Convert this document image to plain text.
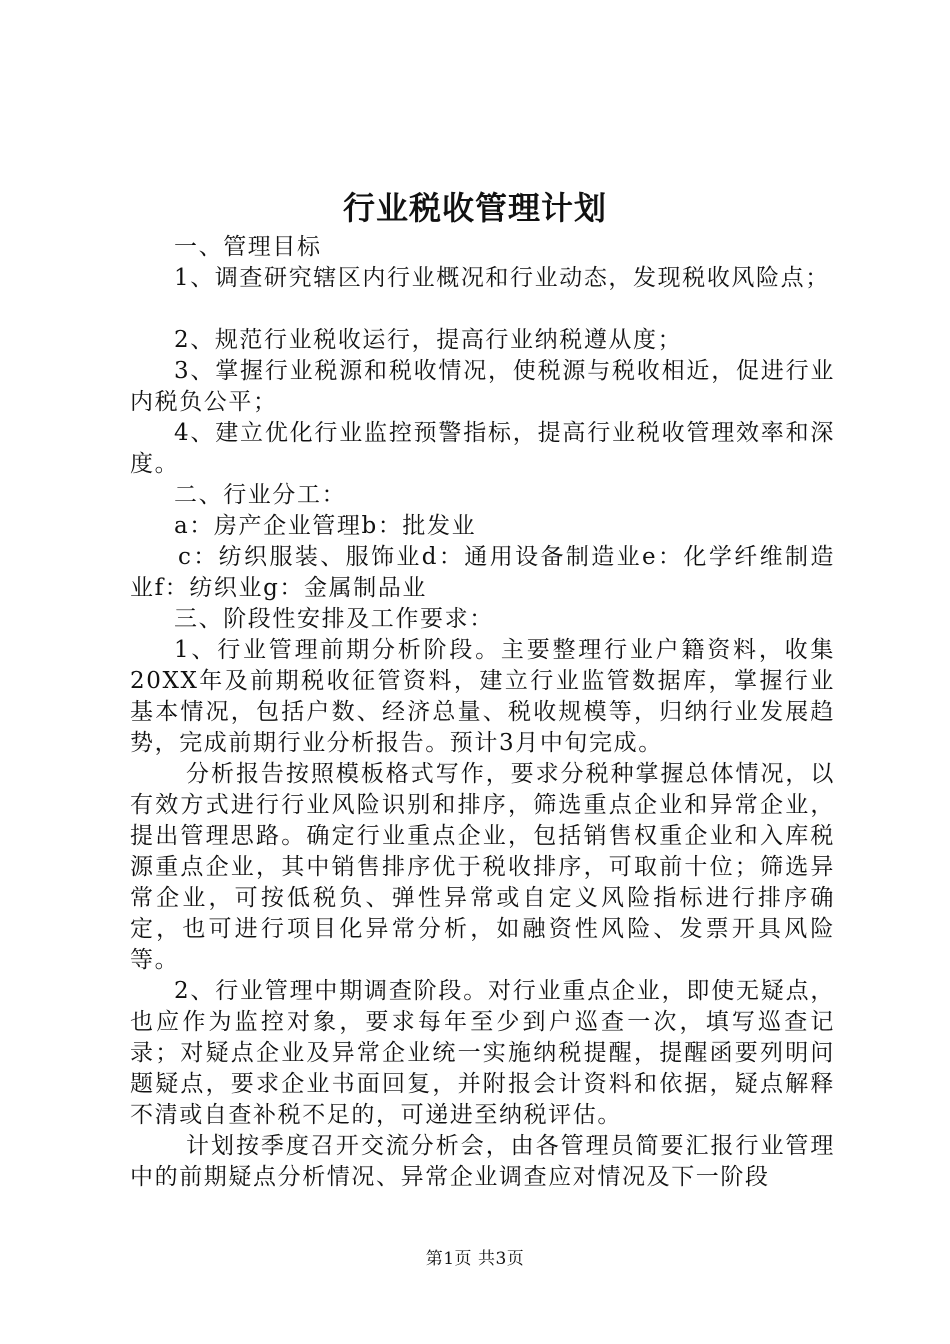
行业税收管理计划

一、管理目标

1、调查研究辖区内行业概况和行业动态，发现税收风险点；

2、规范行业税收运行，提高行业纳税遵从度；

3、掌握行业税源和税收情况，使税源与税收相近，促进行业内税负公平；

4、建立优化行业监控预警指标，提高行业税收管理效率和深度。

二、行业分工：

a：房产企业管理b：批发业

c：纺织服装、服饰业d：通用设备制造业e：化学纤维制造业f：纺织业g：金属制品业

三、阶段性安排及工作要求：

1、行业管理前期分析阶段。主要整理行业户籍资料，收集20XX年及前期税收征管资料，建立行业监管数据库，掌握行业基本情况，包括户数、经济总量、税收规模等，归纳行业发展趋势，完成前期行业分析报告。预计3月中旬完成。

分析报告按照模板格式写作，要求分税种掌握总体情况，以有效方式进行行业风险识别和排序，筛选重点企业和异常企业，提出管理思路。确定行业重点企业，包括销售权重企业和入库税源重点企业，其中销售排序优于税收排序，可取前十位；筛选异常企业，可按低税负、弹性异常或自定义风险指标进行排序确定，也可进行项目化异常分析，如融资性风险、发票开具风险等。

2、行业管理中期调查阶段。对行业重点企业，即使无疑点，也应作为监控对象，要求每年至少到户巡查一次，填写巡查记录；对疑点企业及异常企业统一实施纳税提醒，提醒函要列明问题疑点，要求企业书面回复，并附报会计资料和依据，疑点解释不清或自查补税不足的，可递进至纳税评估。

计划按季度召开交流分析会，由各管理员简要汇报行业管理中的前期疑点分析情况、异常企业调查应对情况及下一阶段

第1页 共3页
